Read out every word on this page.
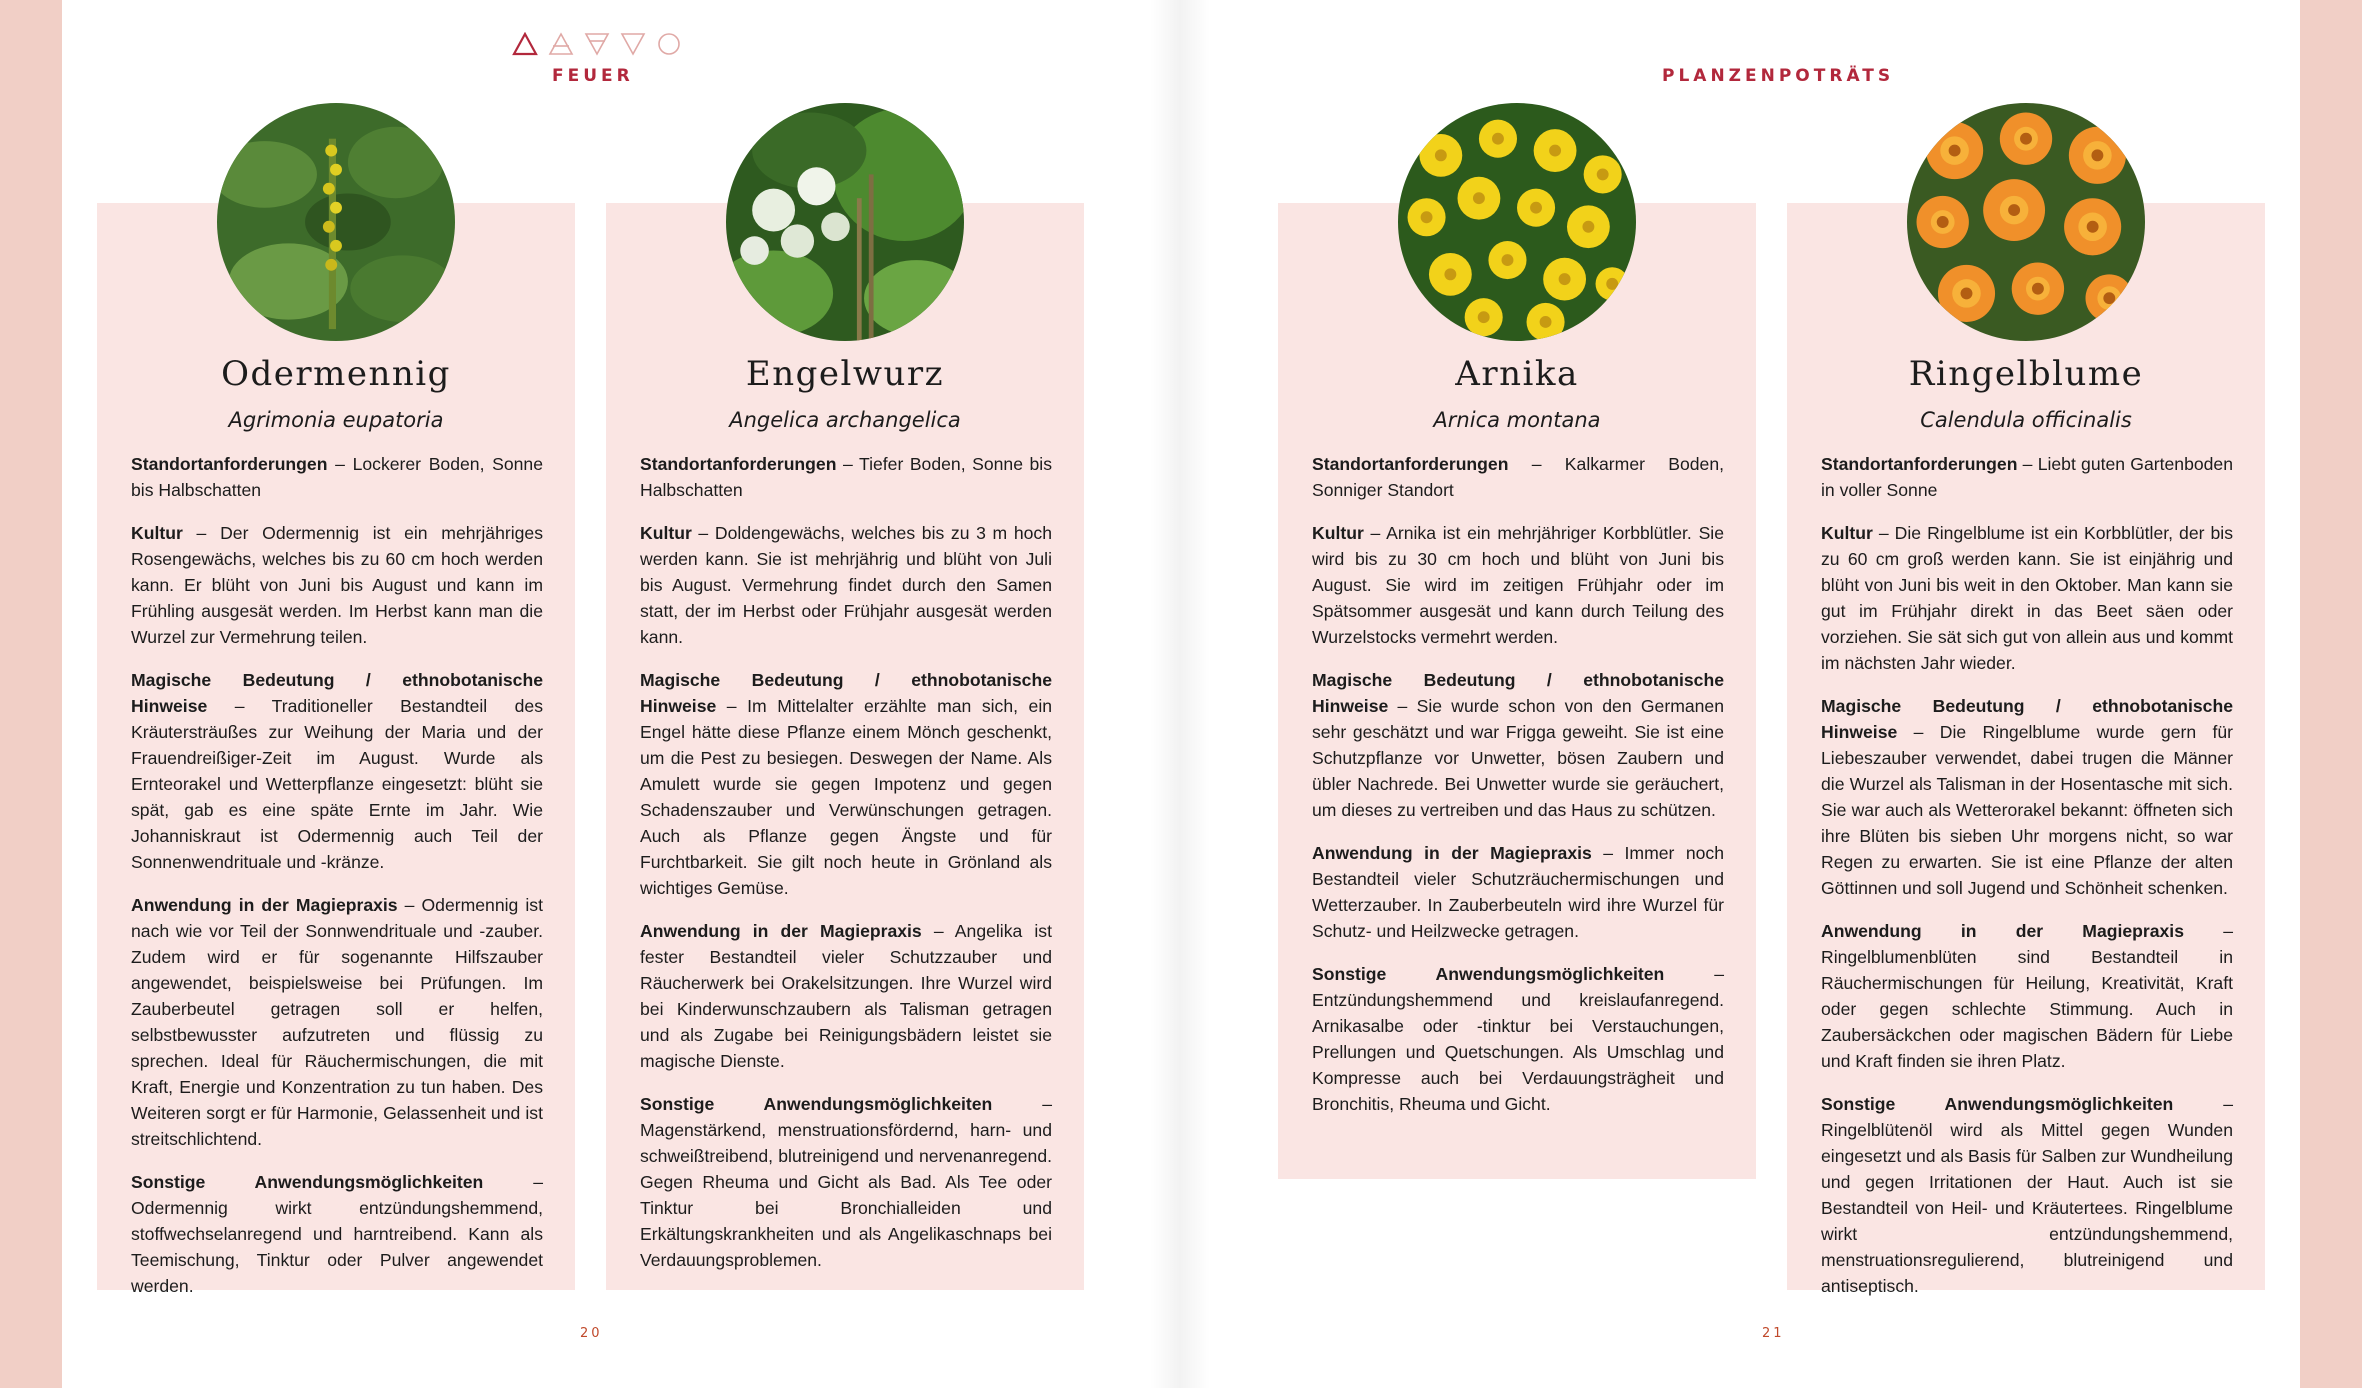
FEUER	PLANZENPOTRÄTS
Odermennig
Agrimonia eupatoria

Standortanforderungen – Lockerer Boden, Sonne bis Halbschatten

Kultur – Der Odermennig ist ein mehrjähriges Rosengewächs, welches bis zu 60 cm hoch werden kann. Er blüht von Juni bis August und kann im Frühling ausgesät werden. Im Herbst kann man die Wurzel zur Vermehrung teilen.

Magische Bedeutung / ethnobotanische Hinweise – Traditioneller Bestandteil des Kräutersträußes zur Weihung der Maria und der Frauendreißiger-Zeit im August. Wurde als Ernteorakel und Wetterpflanze eingesetzt: blüht sie spät, gab es eine späte Ernte im Jahr. Wie Johanniskraut ist Odermennig auch Teil der Sonnenwendrituale und -kränze.

Anwendung in der Magiepraxis – Odermennig ist nach wie vor Teil der Sonnwendrituale und -zauber. Zudem wird er für sogenannte Hilfszauber angewendet, beispielsweise bei Prüfungen. Im Zauberbeutel getragen soll er helfen, selbstbewusster aufzutreten und flüssig zu sprechen. Ideal für Räuchermischungen, die mit Kraft, Energie und Konzentration zu tun haben. Des Weiteren sorgt er für Harmonie, Gelassenheit und ist streitschlichtend.

Sonstige Anwendungsmöglichkeiten – Odermennig wirkt entzündungshemmend, stoffwechselanregend und harntreibend. Kann als Teemischung, Tinktur oder Pulver angewendet werden.

Engelwurz
Angelica archangelica

Standortanforderungen – Tiefer Boden, Sonne bis Halbschatten

Kultur – Doldengewächs, welches bis zu 3 m hoch werden kann. Sie ist mehrjährig und blüht von Juli bis August. Vermehrung findet durch den Samen statt, der im Herbst oder Frühjahr ausgesät werden kann.

Magische Bedeutung / ethnobotanische Hinweise – Im Mittelalter erzählte man sich, ein Engel hätte diese Pflanze einem Mönch geschenkt, um die Pest zu besiegen. Deswegen der Name. Als Amulett wurde sie gegen Impotenz und gegen Schadenszauber und Verwünschungen getragen. Auch als Pflanze gegen Ängste und für Furchtbarkeit. Sie gilt noch heute in Grönland als wichtiges Gemüse.

Anwendung in der Magiepraxis – Angelika ist fester Bestandteil vieler Schutzzauber und Räucherwerk bei Orakelsitzungen. Ihre Wurzel wird bei Kinderwunschzaubern als Talisman getragen und als Zugabe bei Reinigungsbädern leistet sie magische Dienste.

Sonstige Anwendungsmöglichkeiten – Magenstärkend, menstruationsfördernd, harn- und schweißtreibend, blutreinigend und nervenanregend. Gegen Rheuma und Gicht als Bad. Als Tee oder Tinktur bei Bronchialleiden und Erkältungskrankheiten und als Angelikaschnaps bei Verdauungsproblemen.

Arnika
Arnica montana

Standortanforderungen – Kalkarmer Boden, Sonniger Standort

Kultur – Arnika ist ein mehrjähriger Korbblütler. Sie wird bis zu 30 cm hoch und blüht von Juni bis August. Sie wird im zeitigen Frühjahr oder im Spätsommer ausgesät und kann durch Teilung des Wurzelstocks vermehrt werden.

Magische Bedeutung / ethnobotanische Hinweise – Sie wurde schon von den Germanen sehr geschätzt und war Frigga geweiht. Sie ist eine Schutzpflanze vor Unwetter, bösen Zaubern und übler Nachrede. Bei Unwetter wurde sie geräuchert, um dieses zu vertreiben und das Haus zu schützen.

Anwendung in der Magiepraxis – Immer noch Bestandteil vieler Schutzräuchermischungen und Wetterzauber. In Zauberbeuteln wird ihre Wurzel für Schutz- und Heilzwecke getragen.

Sonstige Anwendungsmöglichkeiten – Entzündungshemmend und kreislaufanregend. Arnikasalbe oder -tinktur bei Verstauchungen, Prellungen und Quetschungen. Als Umschlag und Kompresse auch bei Verdauungsträgheit und Bronchitis, Rheuma und Gicht.

Ringelblume
Calendula officinalis

Standortanforderungen – Liebt guten Gartenboden in voller Sonne

Kultur – Die Ringelblume ist ein Korbblütler, der bis zu 60 cm groß werden kann. Sie ist einjährig und blüht von Juni bis weit in den Oktober. Man kann sie gut im Frühjahr direkt in das Beet säen oder vorziehen. Sie sät sich gut von allein aus und kommt im nächsten Jahr wieder.

Magische Bedeutung / ethnobotanische Hinweise – Die Ringelblume wurde gern für Liebeszauber verwendet, dabei trugen die Männer die Wurzel als Talisman in der Hosentasche mit sich. Sie war auch als Wetterorakel bekannt: öffneten sich ihre Blüten bis sieben Uhr morgens nicht, so war Regen zu erwarten. Sie ist eine Pflanze der alten Göttinnen und soll Jugend und Schönheit schenken.

Anwendung in der Magiepraxis – Ringelblumenblüten sind Bestandteil in Räuchermischungen für Heilung, Kreativität, Kraft oder gegen schlechte Stimmung. Auch in Zaubersäckchen oder magischen Bädern für Liebe und Kraft finden sie ihren Platz.

Sonstige Anwendungsmöglichkeiten – Ringelblütenöl wird als Mittel gegen Wunden eingesetzt und als Basis für Salben zur Wundheilung und gegen Irritationen der Haut. Auch ist sie Bestandteil von Heil- und Kräutertees. Ringelblume wirkt entzündungshemmend, menstruationsregulierend, blutreinigend und antiseptisch.

20	21
